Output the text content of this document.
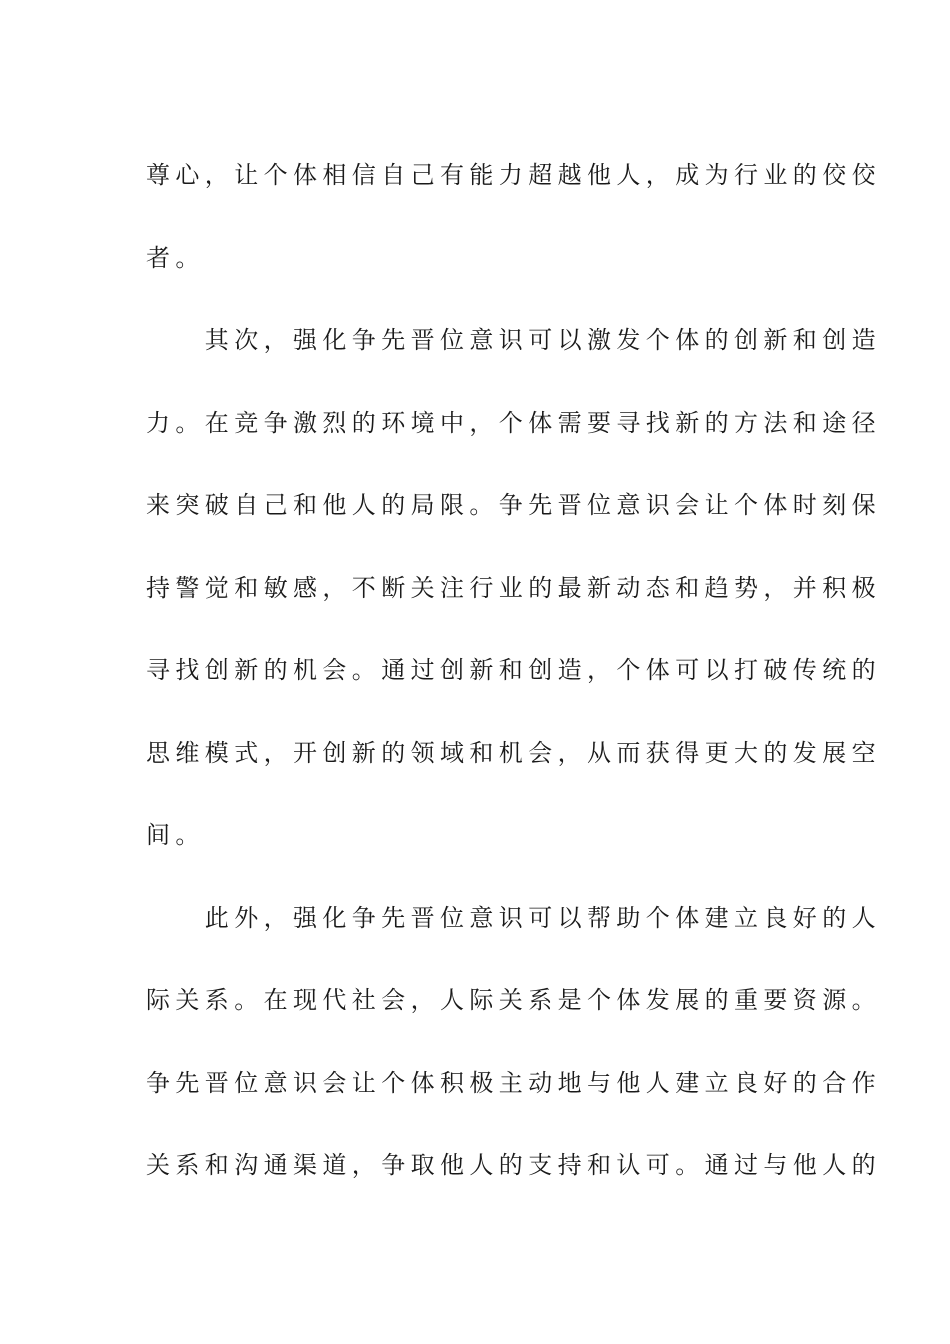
尊心，让个体相信自己有能力超越他人，成为行业的佼佼
者。
　　其次，强化争先晋位意识可以激发个体的创新和创造
力。在竞争激烈的环境中，个体需要寻找新的方法和途径
来突破自己和他人的局限。争先晋位意识会让个体时刻保
持警觉和敏感，不断关注行业的最新动态和趋势，并积极
寻找创新的机会。通过创新和创造，个体可以打破传统的
思维模式，开创新的领域和机会，从而获得更大的发展空
间。
　　此外，强化争先晋位意识可以帮助个体建立良好的人
际关系。在现代社会，人际关系是个体发展的重要资源。
争先晋位意识会让个体积极主动地与他人建立良好的合作
关系和沟通渠道，争取他人的支持和认可。通过与他人的
